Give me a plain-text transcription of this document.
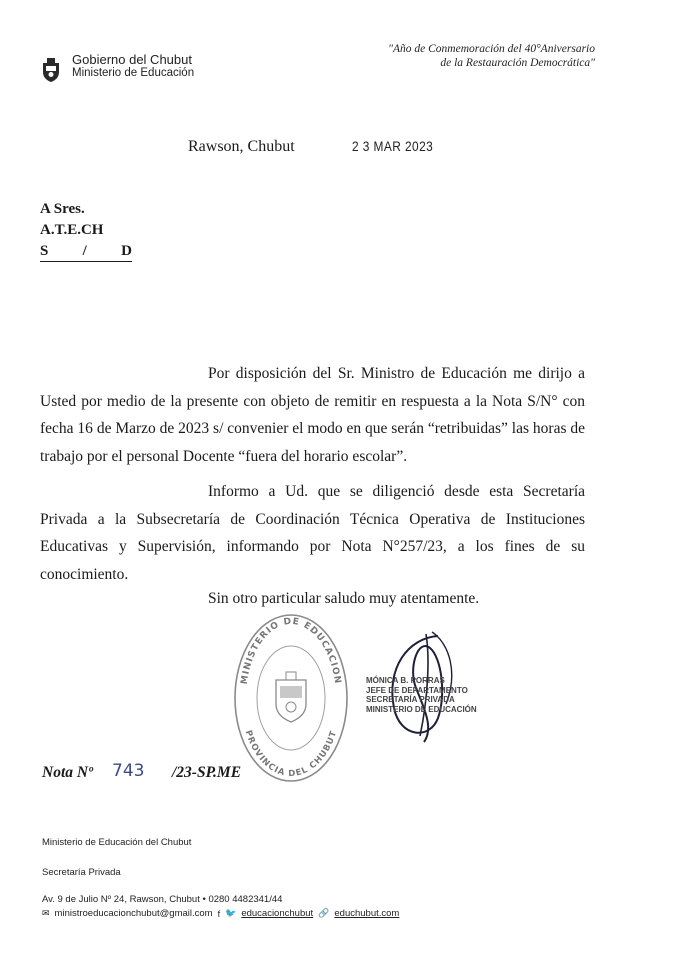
Gobierno del Chubut
Ministerio de Educación
"Año de Conmemoración del 40°Aniversario
de la Restauración Democrática"
Rawson, Chubut	2 3 MAR 2023
A Sres.
A.T.E.CH
S / D
Por disposición del Sr. Ministro de Educación me dirijo a Usted por medio de la presente con objeto de remitir en respuesta a la Nota S/N° con fecha 16 de Marzo de 2023 s/ convenier el modo en que serán “retribuidas” las horas de trabajo por el personal Docente “fuera del horario escolar”.
Informo a Ud. que se diligenció desde esta Secretaría Privada a la Subsecretaría de Coordinación Técnica Operativa de Instituciones Educativas y Supervisión, informando por Nota N°257/23, a los fines de su conocimiento.
Sin otro particular saludo muy atentamente.
MINISTERIO DE EDUCACION
PROVINCIA DEL CHUBUT
MÓNICA B. PORRAS
JEFE DE DEPARTAMENTO
SECRETARÍA PRIVADA
MINISTERIO DE EDUCACIÓN
Nota Nº 743 /23-SP.ME
Ministerio de Educación del Chubut
Secretaría Privada
Av. 9 de Julio Nº 24, Rawson, Chubut • 0280 4482341/44
✉ ministroeducacionchubut@gmail.com f 🐦 educacionchubut 🔗 educhubut.com
